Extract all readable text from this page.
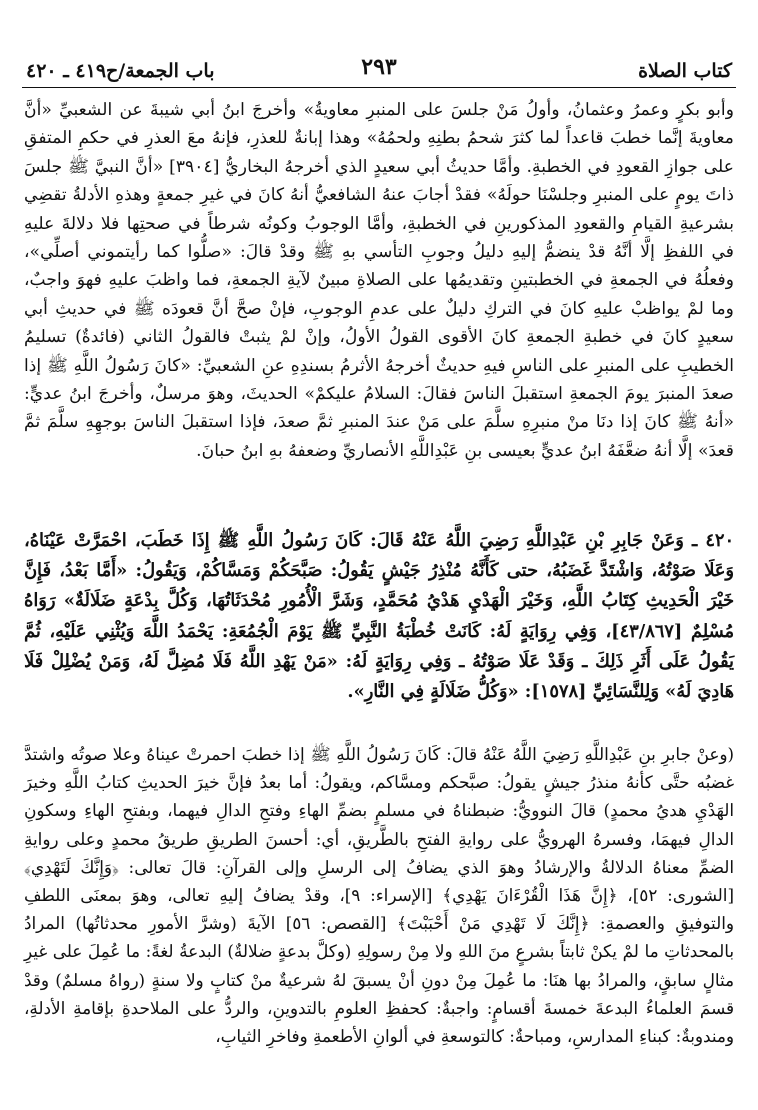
كتاب الصلاة
٢٩٣
باب الجمعة/ح٤١٩ ـ ٤٢٠

وأبو بكرٍ وعمرُ وعثمانُ، وأولُ مَنْ جلسَ على المنبرِ معاويةُ» وأخرجَ ابنُ أبي شيبةَ عن الشعبيِّ «أنَّ معاويةَ إنَّما خطبَ قاعداً لما كثرَ شحمُ بطنِهِ ولحمُهُ» وهذا إبانةٌ للعذرِ، فإنهُ معَ العذرِ في حكمِ المتفقِ على جوازِ القعودِ في الخطبةِ. وأمَّا حديثُ أبي سعيدٍ الذي أخرجهُ البخاريُّ [٣٩٠٤] «أنَّ النبيَّ ﷺ جلسَ ذاتَ يومٍ على المنبرِ وجلسْنَا حولَهُ» فقدْ أجابَ عنهُ الشافعيُّ أنهُ كانَ في غيرِ جمعةٍ وهذهِ الأدلةُ تقضِي بشرعيةِ القيامِ والقعودِ المذكورينِ في الخطبةِ، وأمَّا الوجوبُ وكونُه شرطاً في صحتِها فلا دلالةَ عليهِ في اللفظِ إلَّا أنَّهُ قدْ ينضمُّ إليهِ دليلُ وجوبِ التأسي بهِ ﷺ وقدْ قالَ: «صلُّوا كما رأيتموني أصلِّي»، وفعلُهُ في الجمعةِ في الخطبتينِ وتقديمُها على الصلاةِ مبينٌ لآيةِ الجمعةِ، فما واظبَ عليهِ فهوَ واجبٌ، وما لمْ يواظبْ عليهِ كانَ في التركِ دليلٌ على عدمِ الوجوبِ، فإنْ صحَّ أنَّ قعودَه ﷺ في حديثِ أبي سعيدٍ كانَ في خطبةِ الجمعةِ كانَ الأقوى القولُ الأولُ، وإنْ لمْ يثبتْ فالقولُ الثاني (فائدةٌ) تسليمُ الخطيبِ على المنبرِ على الناسِ فيهِ حديثٌ أخرجهُ الأثرمُ بسندِهِ عنِ الشعبيِّ: «كانَ رَسُولُ اللَّهِ ﷺ إذا صعدَ المنبرَ يومَ الجمعةِ استقبلَ الناسَ فقالَ: السلامُ عليكمْ» الحديثَ، وهوَ مرسلٌ، وأخرجَ ابنُ عديٍّ: «أنهُ ﷺ كانَ إذا دنَا منْ منبرِهِ سلَّمَ على مَنْ عندَ المنبرِ ثمَّ صعدَ، فإذا استقبلَ الناسَ بوجهِهِ سلَّمَ ثمَّ قعدَ» إلَّا أنهُ ضعَّفَهُ ابنُ عديٍّ بعيسى بنِ عَبْدِاللَّهِ الأنصاريِّ وضعفهُ بهِ ابنُ حبانَ.

٤٢٠ ـ وَعَنْ جَابِرِ بْنِ عَبْدِاللَّهِ رَضِيَ اللَّهُ عَنْهُ قَالَ: كَانَ رَسُولُ اللَّهِ ﷺ إِذَا خَطَبَ، احْمَرَّتْ عَيْنَاهُ، وَعَلَا صَوْتُهُ، وَاشْتَدَّ غَضَبُهُ، حتى كَأَنَّهُ مُنْذِرُ جَيْشٍ يَقُولُ: صَبَّحَكُمْ وَمَسَّاكُمْ، وَيَقُولُ: «أَمَّا بَعْدُ، فَإِنَّ خَيْرَ الْحَدِيثِ كِتَابُ اللَّهِ، وَخَيْرَ الْهَدْيِ هَدْيُ مُحَمَّدٍ، وَشَرَّ الْأُمُورِ مُحْدَثَاتُهَا، وَكُلَّ بِدْعَةٍ ضَلَالَةٌ» رَوَاهُ مُسْلِمٌ [٤٣/٨٦٧]، وَفِي رِوَايَةٍ لَهُ: كَانَتْ خُطْبَةُ النَّبِيِّ ﷺ يَوْمَ الْجُمُعَةِ: يَحْمَدُ اللَّهَ وَيُثْنِي عَلَيْهِ، ثُمَّ يَقُولُ عَلَى أَثَرِ ذَلِكَ ـ وَقَدْ عَلَا صَوْتُهُ ـ وَفِي رِوَايَةٍ لَهُ: «مَنْ يَهْدِ اللَّهُ فَلَا مُضِلَّ لَهُ، وَمَنْ يُضْلِلْ فَلَا هَادِيَ لَهُ» وَلِلنَّسَائِيِّ [١٥٧٨]: «وَكُلُّ ضَلَالَةٍ فِي النَّارِ».

(وعنْ جابرِ بنِ عَبْدِاللَّهِ رَضِيَ اللَّهُ عَنْهُ قالَ: كَانَ رَسُولُ اللَّهِ ﷺ إذا خطبَ احمرتْ عيناهُ وعلا صوتُه واشتدَّ غضبُه حتَّى كأنهُ منذرُ جيشٍ يقولُ: صبَّحكم ومسَّاكم، ويقولُ: أما بعدُ فإنَّ خيرَ الحديثِ كتابُ اللَّهِ وخيرَ الهَدْيِ هديُ محمدٍ) قالَ النوويُّ: ضبطناهُ في مسلمٍ بضمِّ الهاءِ وفتحِ الدالِ فيهما، وبفتحِ الهاءِ وسكونِ الدالِ فيهمَا، وفسرهُ الهرويُّ على روايةِ الفتحِ بالطَّريقِ، أي: أحسنَ الطريقِ طريقُ محمدٍ وعلى روايةِ الضمِّ معناهُ الدلالةُ والإرشادُ وهوَ الذي يضافُ إلى الرسلِ وإلى القرآنِ: قالَ تعالى: ﴿وَإِنَّكَ لَتَهْدِي﴾ [الشورى: ٥٢]، ﴿إِنَّ هَذَا الْقُرْءَانَ يَهْدِي﴾ [الإسراء: ٩]، وقدْ يضافُ إليهِ تعالى، وهوَ بمعنَى اللطفِ والتوفيقِ والعصمةِ: ﴿إِنَّكَ لَا تَهْدِي مَنْ أَحْبَبْتَ﴾ [القصص: ٥٦] الآيةَ (وشرَّ الأمورِ محدثاتُها) المرادُ بالمحدثاتِ ما لمْ يكنْ ثابتاً بشرعٍ منَ اللهِ ولا مِنْ رسولِهِ (وكلَّ بدعةٍ ضلالةٌ) البدعةُ لغةً: ما عُمِلَ على غيرِ مثالٍ سابقٍ، والمرادُ بها هنَا: ما عُمِلَ مِنْ دونِ أنْ يسبقَ لهُ شرعيةٌ منْ كتابٍ ولا سنةٍ (رواهُ مسلمٌ) وقدْ قسمَ العلماءُ البدعةَ خمسةَ أقسامٍ: واجبةٌ: كحفظِ العلومِ بالتدوينِ، والردُّ على الملاحدةِ بإقامةِ الأدلةِ، ومندوبةٌ: كبناءِ المدارسِ، ومباحةٌ: كالتوسعةِ في ألوانِ الأطعمةِ وفاخرِ الثيابِ،
